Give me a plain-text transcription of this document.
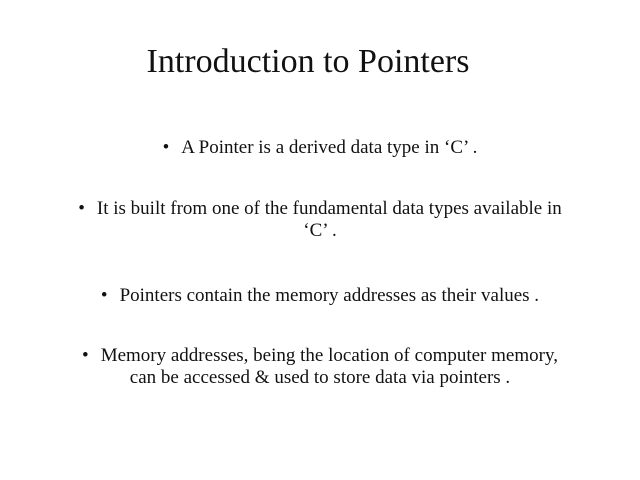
Introduction to Pointers
• A Pointer is a derived data type in ‘C’ .
• It is built from one of the fundamental data types available in
‘C’ .
• Pointers contain the memory addresses as their values .
• Memory addresses, being the location of computer memory,
can be accessed & used to store data via pointers .
